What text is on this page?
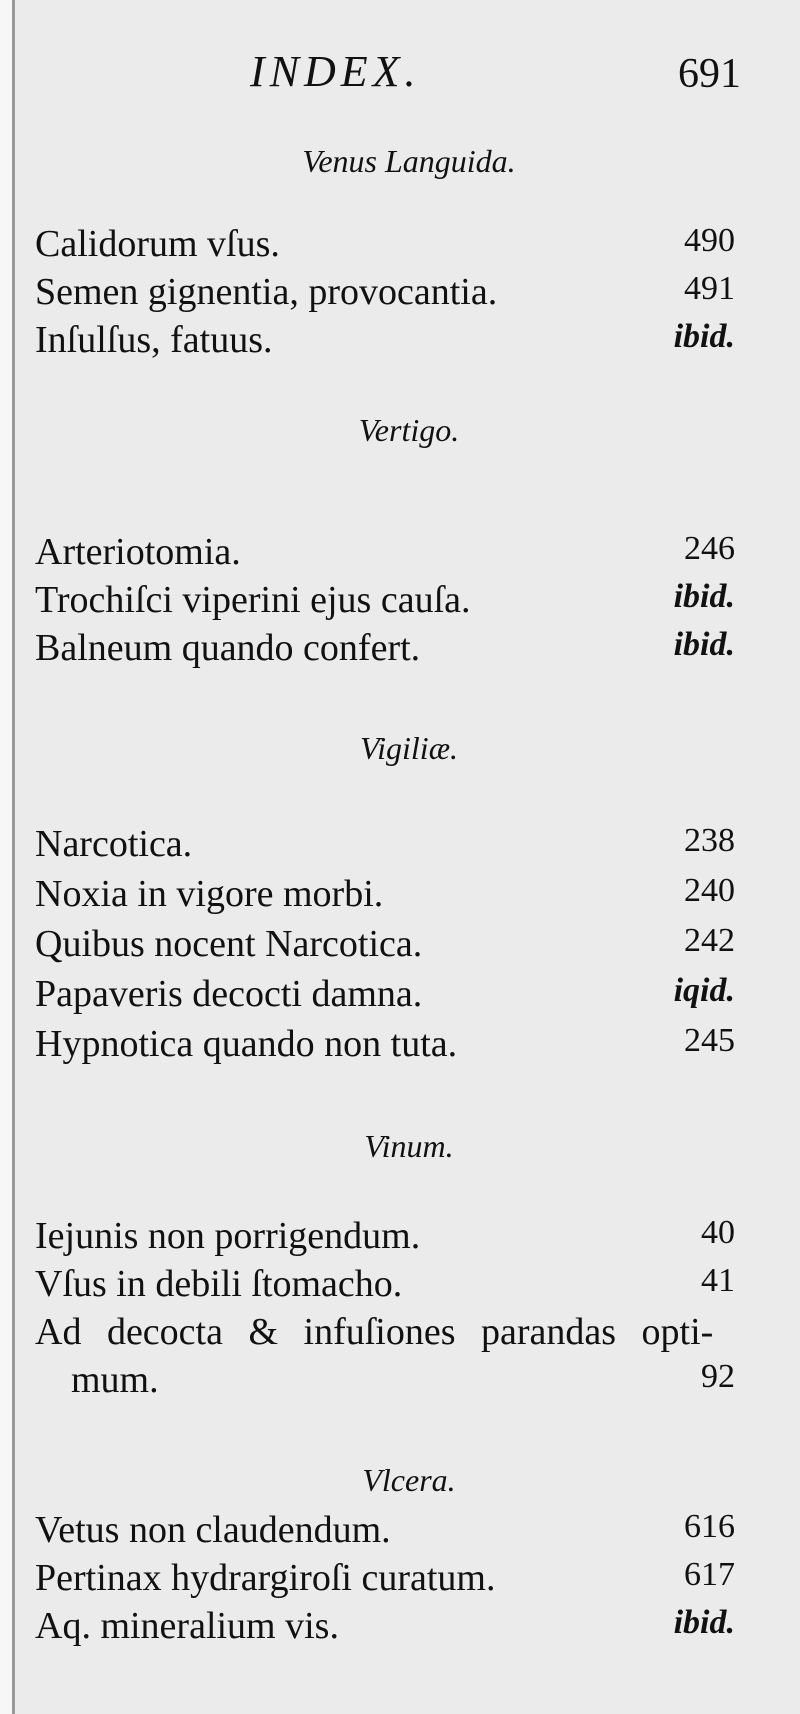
INDEX.	691
Venus Languida.
Calidorum vſus.	490
Semen gignentia, provocantia.	491
Inſulſus, fatuus.	ibid.
Vertigo.
Arteriotomia.	246
Trochiſci viperini ejus cauſa.	ibid.
Balneum quando confert.	ibid.
Vigiliæ.
Narcotica.	238
Noxia in vigore morbi.	240
Quibus nocent Narcotica.	242
Papaveris decocti damna.	iqid.
Hypnotica quando non tuta.	245
Vinum.
Iejunis non porrigendum.	40
Vſus in debili ſtomacho.	41
Ad decocta & infuſiones parandas opti-
mum.	92
Vlcera.
Vetus non claudendum.	616
Pertinax hydrargiroſi curatum.	617
Aq. mineralium vis.	ibid.
